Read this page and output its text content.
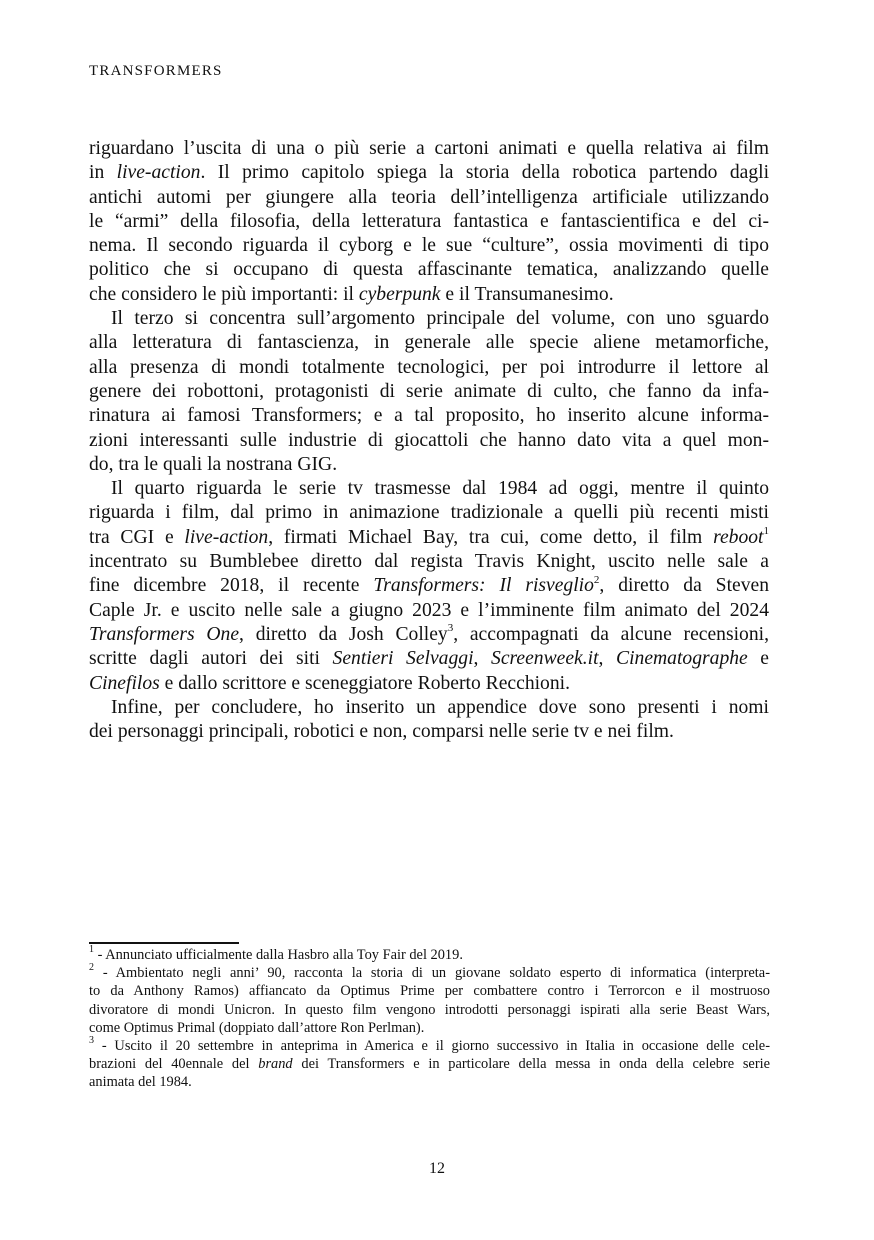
TRANSFORMERS

riguardano l’uscita di una o più serie a cartoni animati e quella relativa ai film
in live-action. Il primo capitolo spiega la storia della robotica partendo dagli
antichi automi per giungere alla teoria dell’intelligenza artificiale utilizzando
le “armi” della filosofia, della letteratura fantastica e fantascientifica e del ci-
nema. Il secondo riguarda il cyborg e le sue “culture”, ossia movimenti di tipo
politico che si occupano di questa affascinante tematica, analizzando quelle
che considero le più importanti: il cyberpunk e il Transumanesimo.

Il terzo si concentra sull’argomento principale del volume, con uno sguardo
alla letteratura di fantascienza, in generale alle specie aliene metamorfiche,
alla presenza di mondi totalmente tecnologici, per poi introdurre il lettore al
genere dei robottoni, protagonisti di serie animate di culto, che fanno da infa-
rinatura ai famosi Transformers; e a tal proposito, ho inserito alcune informa-
zioni interessanti sulle industrie di giocattoli che hanno dato vita a quel mon-
do, tra le quali la nostrana GIG.

Il quarto riguarda le serie tv trasmesse dal 1984 ad oggi, mentre il quinto
riguarda i film, dal primo in animazione tradizionale a quelli più recenti misti
tra CGI e live-action, firmati Michael Bay, tra cui, come detto, il film reboot$^1$
incentrato su Bumblebee diretto dal regista Travis Knight, uscito nelle sale a
fine dicembre 2018, il recente Transformers: Il risveglio$^2$, diretto da Steven
Caple Jr. e uscito nelle sale a giugno 2023 e l’imminente film animato del 2024
Transformers One, diretto da Josh Colley$^3$, accompagnati da alcune recensioni,
scritte dagli autori dei siti Sentieri Selvaggi, Screenweek.it, Cinematographe e
Cinefilos e dallo scrittore e sceneggiatore Roberto Recchioni.

Infine, per concludere, ho inserito un appendice dove sono presenti i nomi
dei personaggi principali, robotici e non, comparsi nelle serie tv e nei film.

$^1$ - Annunciato ufficialmente dalla Hasbro alla Toy Fair del 2019.

$^2$ - Ambientato negli anni’ 90, racconta la storia di un giovane soldato esperto di informatica (interpreta-
to da Anthony Ramos) affiancato da Optimus Prime per combattere contro i Terrorcon e il mostruoso
divoratore di mondi Unicron. In questo film vengono introdotti personaggi ispirati alla serie Beast Wars,
come Optimus Primal (doppiato dall’attore Ron Perlman).

$^3$ - Uscito il 20 settembre in anteprima in America e il giorno successivo in Italia in occasione delle cele-
brazioni del 40ennale del brand dei Transformers e in particolare della messa in onda della celebre serie
animata del 1984.

12
